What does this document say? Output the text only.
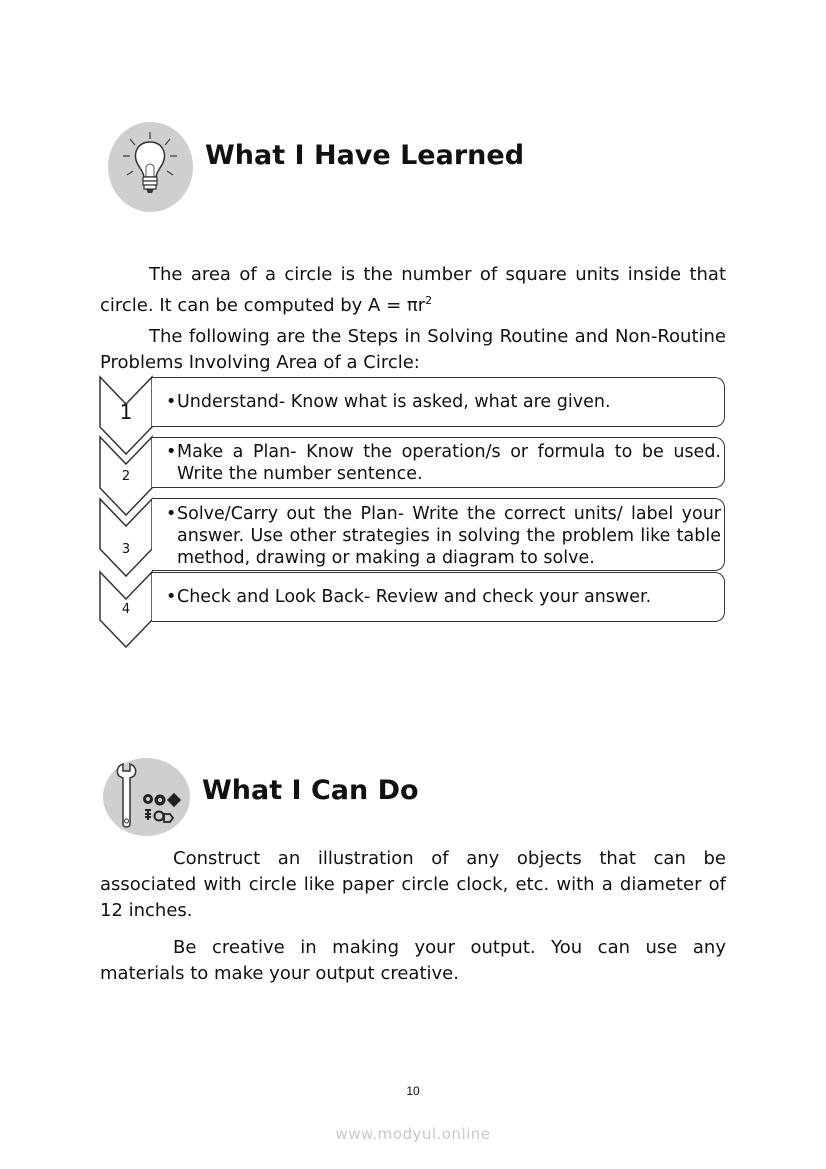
What I Have Learned
The area of a circle is the number of square units inside that circle. It can be computed by $A = \pi r^2$
The following are the Steps in Solving Routine and Non-Routine Problems Involving Area of a Circle:
1
2
3
4
• Understand- Know what is asked, what are given.
• Make a Plan- Know the operation/s or formula to be used. Write the number sentence.
• Solve/Carry out the Plan- Write the correct units/ label your answer. Use other strategies in solving the problem like table method, drawing or making a diagram to solve.
• Check and Look Back- Review and check your answer.
What I Can Do
Construct an illustration of any objects that can be associated with circle like paper circle clock, etc. with a diameter of 12 inches.
Be creative in making your output. You can use any materials to make your output creative.
10
www.modyul.online
